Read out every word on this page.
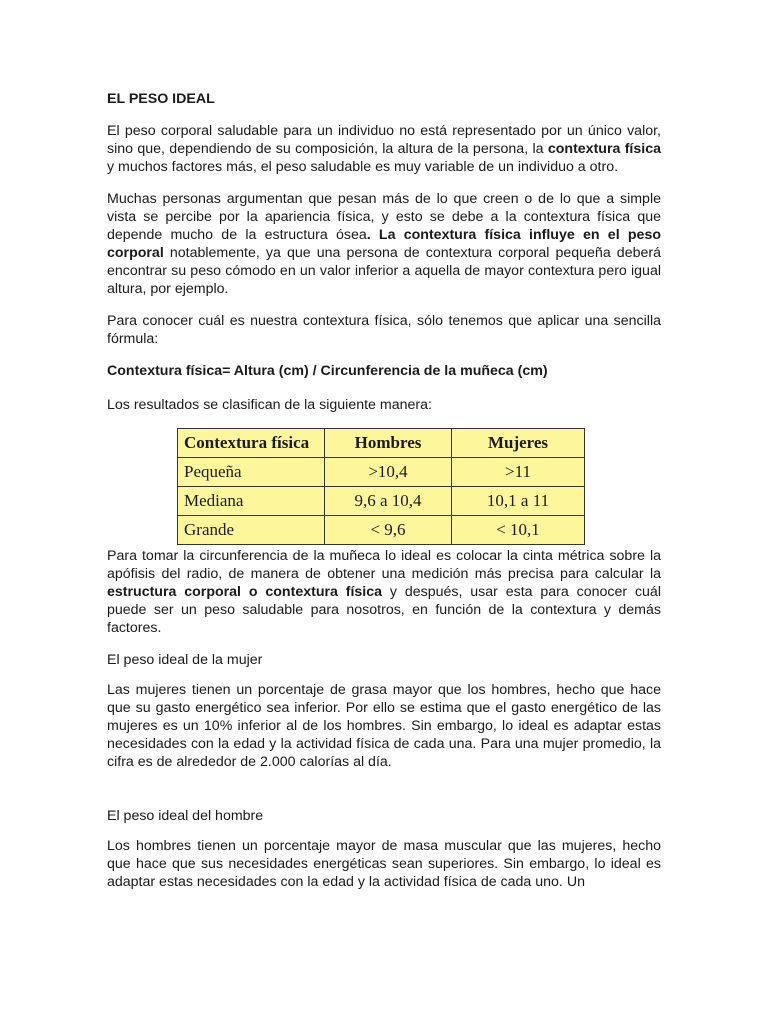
EL PESO IDEAL

El peso corporal saludable para un individuo no está representado por un único valor, sino que, dependiendo de su composición, la altura de la persona, la contextura física y muchos factores más, el peso saludable es muy variable de un individuo a otro.

Muchas personas argumentan que pesan más de lo que creen o de lo que a simple vista se percibe por la apariencia física, y esto se debe a la contextura física que depende mucho de la estructura ósea. La contextura física influye en el peso corporal notablemente, ya que una persona de contextura corporal pequeña deberá encontrar su peso cómodo en un valor inferior a aquella de mayor contextura pero igual altura, por ejemplo.

Para conocer cuál es nuestra contextura física, sólo tenemos que aplicar una sencilla fórmula:

Contextura física= Altura (cm) / Circunferencia de la muñeca (cm)

Los resultados se clasifican de la siguiente manera:

Contextura física	Hombres	Mujeres
Pequeña	>10,4	>11
Mediana	9,6 a 10,4	10,1 a 11
Grande	< 9,6	< 10,1

Para tomar la circunferencia de la muñeca lo ideal es colocar la cinta métrica sobre la apófisis del radio, de manera de obtener una medición más precisa para calcular la estructura corporal o contextura física y después, usar esta para conocer cuál puede ser un peso saludable para nosotros, en función de la contextura y demás factores.

El peso ideal de la mujer

Las mujeres tienen un porcentaje de grasa mayor que los hombres, hecho que hace que su gasto energético sea inferior. Por ello se estima que el gasto energético de las mujeres es un 10% inferior al de los hombres. Sin embargo, lo ideal es adaptar estas necesidades con la edad y la actividad física de cada una. Para una mujer promedio, la cifra es de alrededor de 2.000 calorías al día.

El peso ideal del hombre

Los hombres tienen un porcentaje mayor de masa muscular que las mujeres, hecho que hace que sus necesidades energéticas sean superiores. Sin embargo, lo ideal es adaptar estas necesidades con la edad y la actividad física de cada uno. Un
